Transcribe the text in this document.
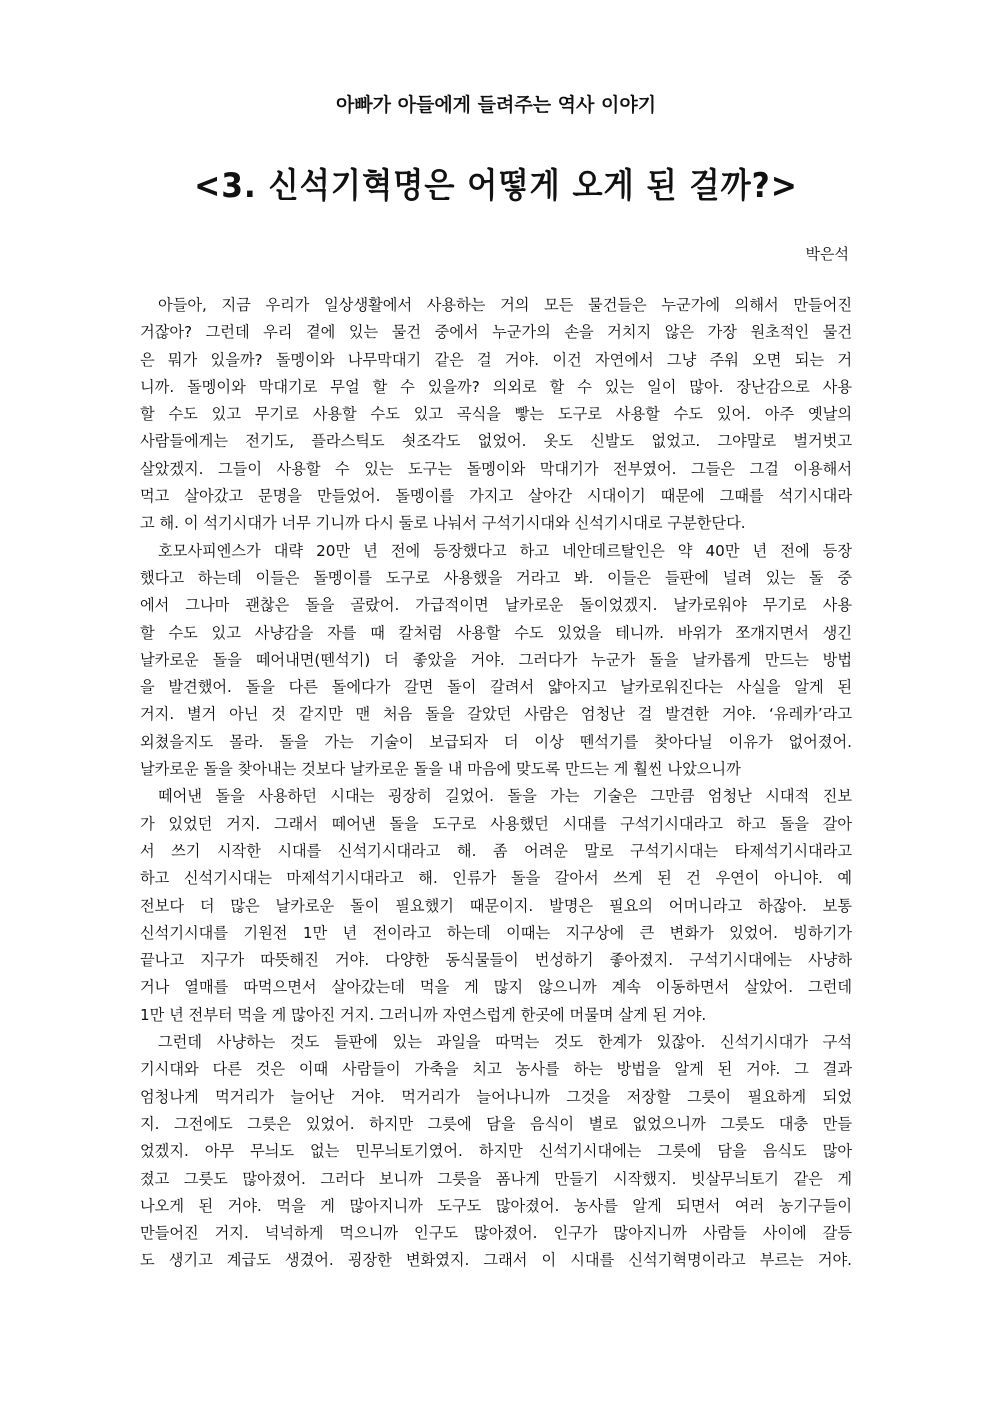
아빠가 아들에게 들려주는 역사 이야기
<3. 신석기혁명은 어떻게 오게 된 걸까?>
박은석
아들아, 지금 우리가 일상생활에서 사용하는 거의 모든 물건들은 누군가에 의해서 만들어진
거잖아? 그런데 우리 곁에 있는 물건 중에서 누군가의 손을 거치지 않은 가장 원초적인 물건
은 뭐가 있을까? 돌멩이와 나무막대기 같은 걸 거야. 이건 자연에서 그냥 주워 오면 되는 거
니까. 돌멩이와 막대기로 무얼 할 수 있을까? 의외로 할 수 있는 일이 많아. 장난감으로 사용
할 수도 있고 무기로 사용할 수도 있고 곡식을 빻는 도구로 사용할 수도 있어. 아주 옛날의
사람들에게는 전기도, 플라스틱도 쇳조각도 없었어. 옷도 신발도 없었고. 그야말로 벌거벗고
살았겠지. 그들이 사용할 수 있는 도구는 돌멩이와 막대기가 전부였어. 그들은 그걸 이용해서
먹고 살아갔고 문명을 만들었어. 돌멩이를 가지고 살아간 시대이기 때문에 그때를 석기시대라
고 해. 이 석기시대가 너무 기니까 다시 둘로 나눠서 구석기시대와 신석기시대로 구분한단다.
호모사피엔스가 대략 20만 년 전에 등장했다고 하고 네안데르탈인은 약 40만 년 전에 등장
했다고 하는데 이들은 돌멩이를 도구로 사용했을 거라고 봐. 이들은 들판에 널려 있는 돌 중
에서 그나마 괜찮은 돌을 골랐어. 가급적이면 날카로운 돌이었겠지. 날카로워야 무기로 사용
할 수도 있고 사냥감을 자를 때 칼처럼 사용할 수도 있었을 테니까. 바위가 쪼개지면서 생긴
날카로운 돌을 떼어내면(뗀석기) 더 좋았을 거야. 그러다가 누군가 돌을 날카롭게 만드는 방법
을 발견했어. 돌을 다른 돌에다가 갈면 돌이 갈려서 얇아지고 날카로워진다는 사실을 알게 된
거지. 별거 아닌 것 같지만 맨 처음 돌을 갈았던 사람은 엄청난 걸 발견한 거야. ‘유레카’라고
외쳤을지도 몰라. 돌을 가는 기술이 보급되자 더 이상 뗀석기를 찾아다닐 이유가 없어졌어.
날카로운 돌을 찾아내는 것보다 날카로운 돌을 내 마음에 맞도록 만드는 게 훨씬 나았으니까
떼어낸 돌을 사용하던 시대는 굉장히 길었어. 돌을 가는 기술은 그만큼 엄청난 시대적 진보
가 있었던 거지. 그래서 떼어낸 돌을 도구로 사용했던 시대를 구석기시대라고 하고 돌을 갈아
서 쓰기 시작한 시대를 신석기시대라고 해. 좀 어려운 말로 구석기시대는 타제석기시대라고
하고 신석기시대는 마제석기시대라고 해. 인류가 돌을 갈아서 쓰게 된 건 우연이 아니야. 예
전보다 더 많은 날카로운 돌이 필요했기 때문이지. 발명은 필요의 어머니라고 하잖아. 보통
신석기시대를 기원전 1만 년 전이라고 하는데 이때는 지구상에 큰 변화가 있었어. 빙하기가
끝나고 지구가 따뜻해진 거야. 다양한 동식물들이 번성하기 좋아졌지. 구석기시대에는 사냥하
거나 열매를 따먹으면서 살아갔는데 먹을 게 많지 않으니까 계속 이동하면서 살았어. 그런데
1만 년 전부터 먹을 게 많아진 거지. 그러니까 자연스럽게 한곳에 머물며 살게 된 거야.
그런데 사냥하는 것도 들판에 있는 과일을 따먹는 것도 한계가 있잖아. 신석기시대가 구석
기시대와 다른 것은 이때 사람들이 가축을 치고 농사를 하는 방법을 알게 된 거야. 그 결과
엄청나게 먹거리가 늘어난 거야. 먹거리가 늘어나니까 그것을 저장할 그릇이 필요하게 되었
지. 그전에도 그릇은 있었어. 하지만 그릇에 담을 음식이 별로 없었으니까 그릇도 대충 만들
었겠지. 아무 무늬도 없는 민무늬토기였어. 하지만 신석기시대에는 그릇에 담을 음식도 많아
졌고 그릇도 많아졌어. 그러다 보니까 그릇을 폼나게 만들기 시작했지. 빗살무늬토기 같은 게
나오게 된 거야. 먹을 게 많아지니까 도구도 많아졌어. 농사를 알게 되면서 여러 농기구들이
만들어진 거지. 넉넉하게 먹으니까 인구도 많아졌어. 인구가 많아지니까 사람들 사이에 갈등
도 생기고 계급도 생겼어. 굉장한 변화였지. 그래서 이 시대를 신석기혁명이라고 부르는 거야.
